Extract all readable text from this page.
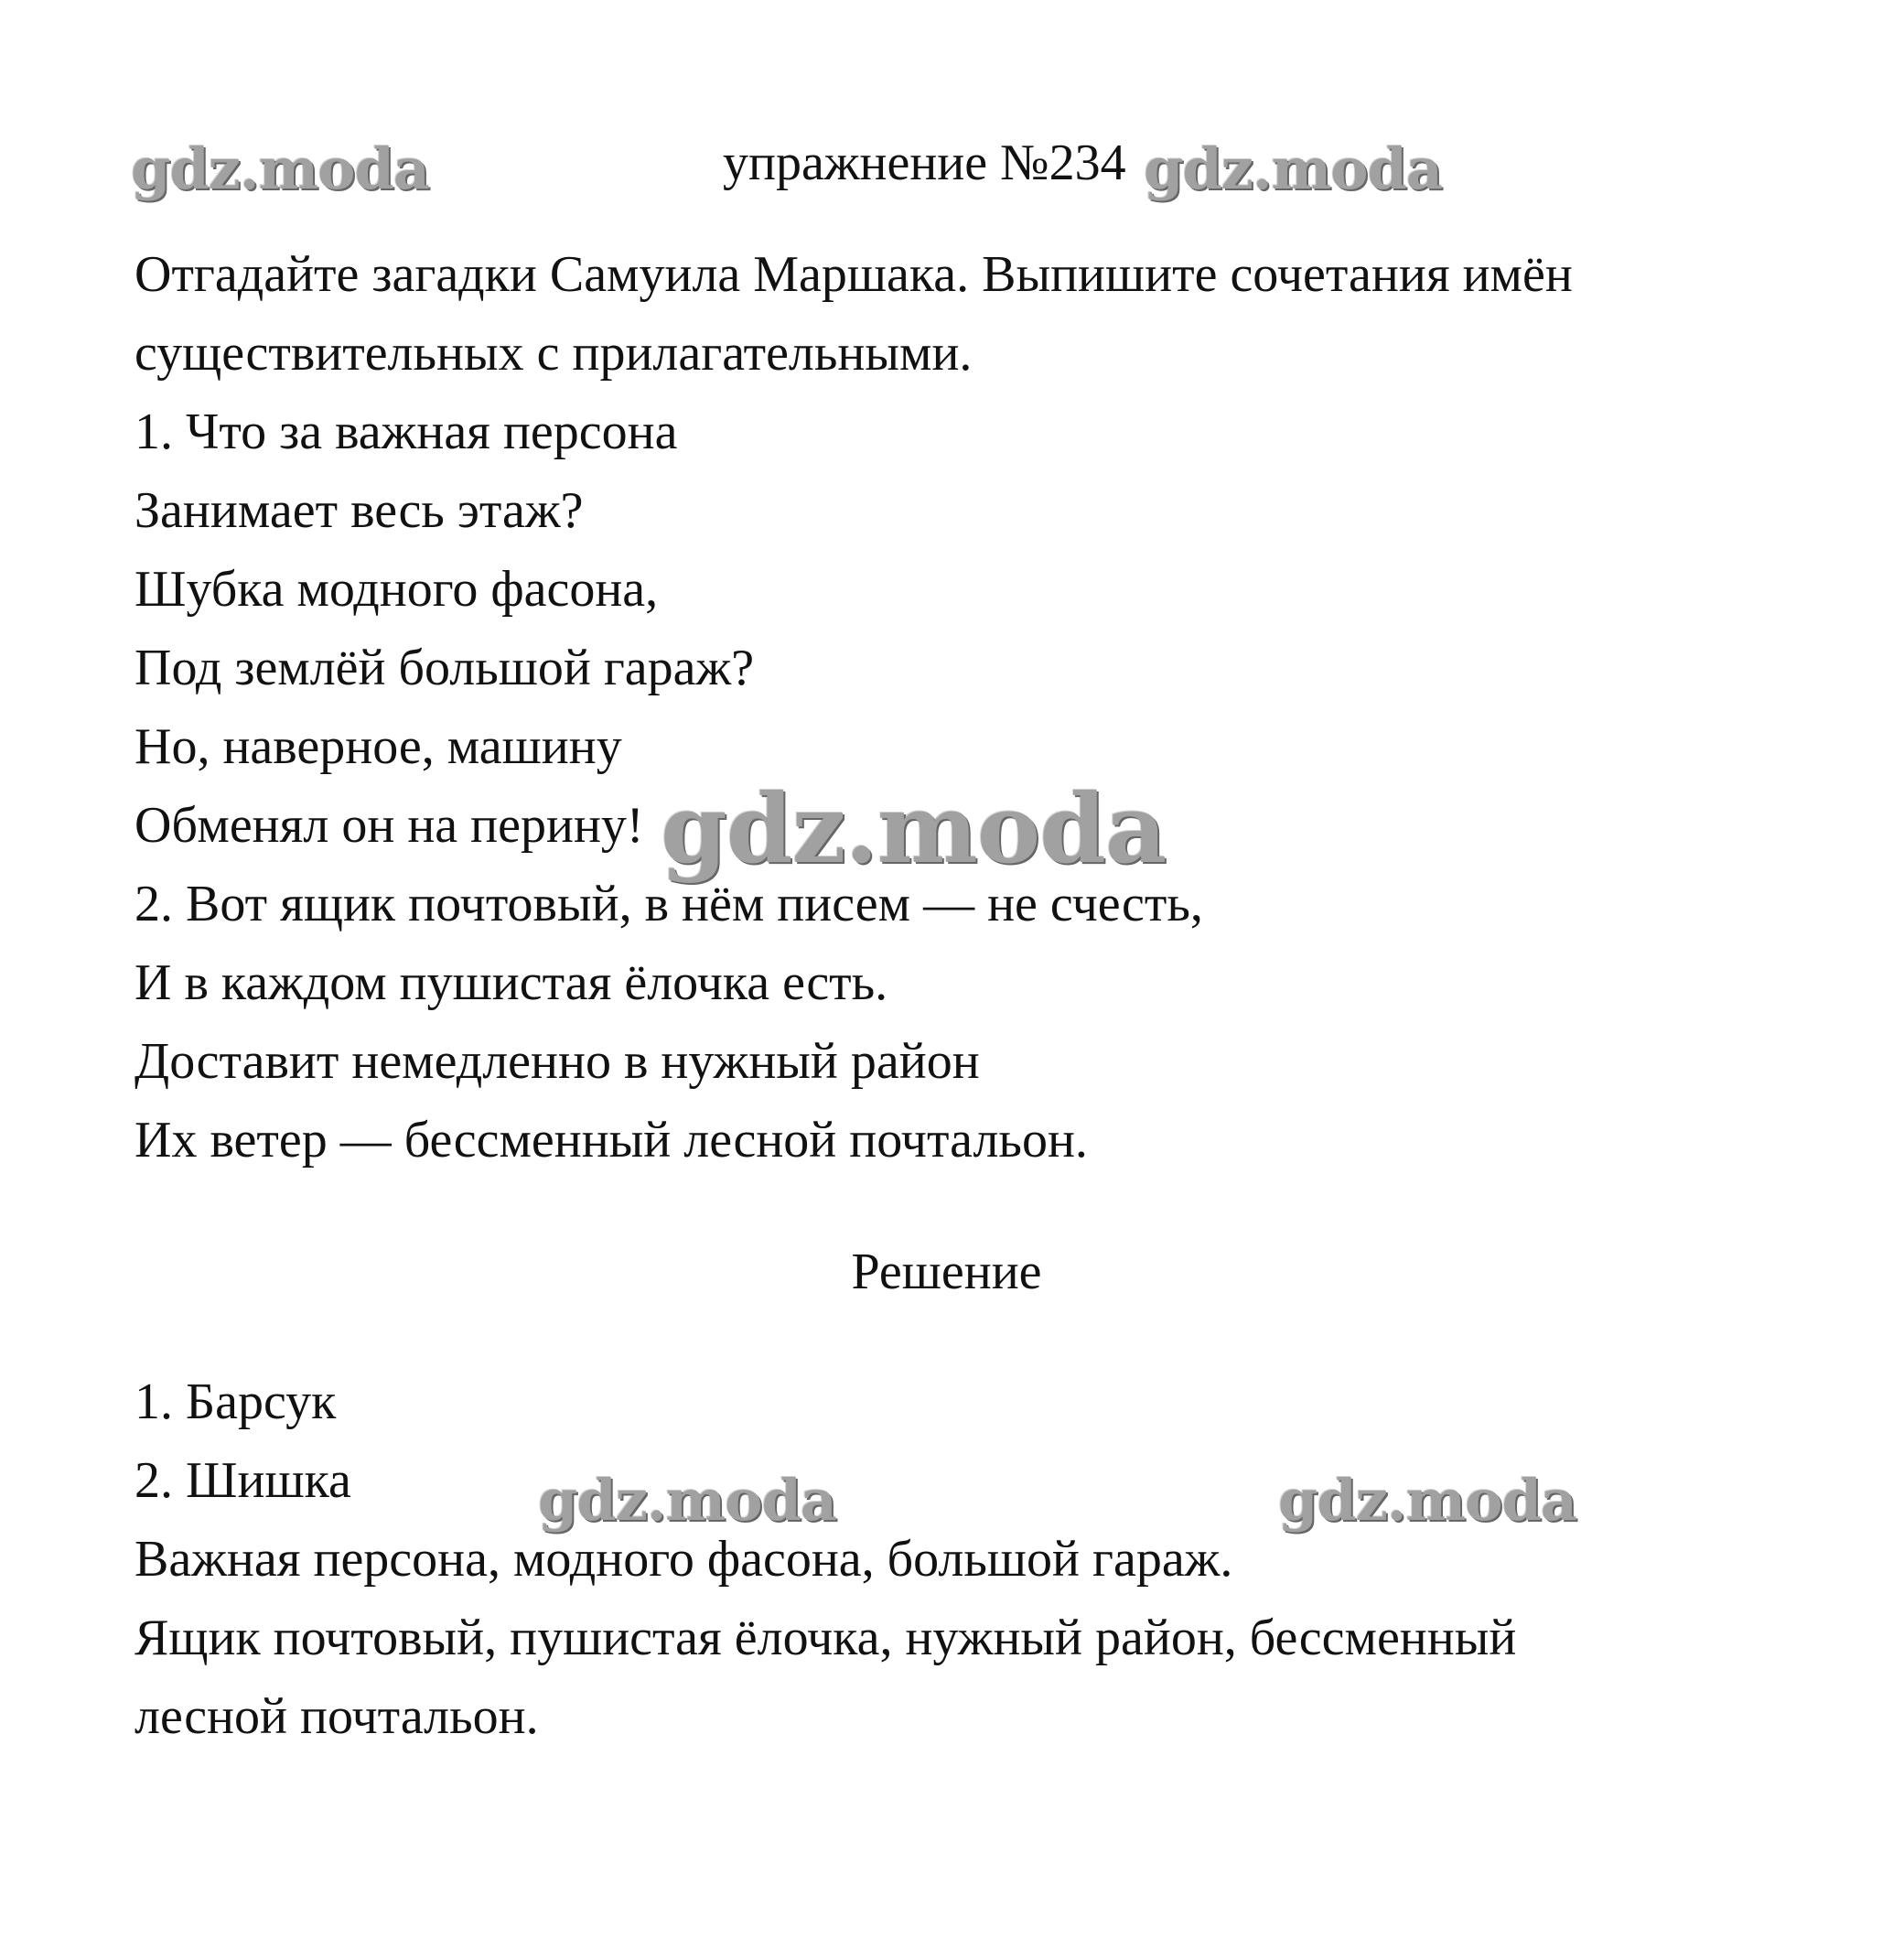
упражнение №234
Отгадайте загадки Самуила Маршака. Выпишите сочетания имён
существительных с прилагательными.
1. Что за важная персона
Занимает весь этаж?
Шубка модного фасона,
Под землёй большой гараж?
Но, наверное, машину
Обменял он на перину!
2. Вот ящик почтовый, в нём писем — не счесть,
И в каждом пушистая ёлочка есть.
Доставит немедленно в нужный район
Их ветер — бессменный лесной почтальон.
Решение
1. Барсук
2. Шишка
Важная персона, модного фасона, большой гараж.
Ящик почтовый, пушистая ёлочка, нужный район, бессменный
лесной почтальон.
gdz.moda	gdz.moda
gdz.moda
gdz.moda	gdz.moda
